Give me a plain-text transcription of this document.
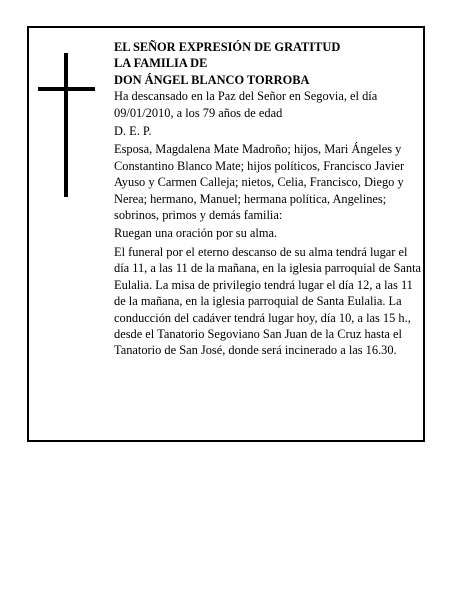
EL SEÑOR EXPRESIÓN DE GRATITUD
LA FAMILIA DE
DON ÁNGEL BLANCO TORROBA

Ha descansado en la Paz del Señor en Segovia, el día 09/01/2010, a los 79 años de edad

D. E. P.

Esposa, Magdalena Mate Madroño; hijos, Mari Ángeles y Constantino Blanco Mate; hijos políticos, Francisco Javier Ayuso y Carmen Calleja; nietos, Celia, Francisco, Diego y Nerea; hermano, Manuel; hermana política, Angelines; sobrinos, primos y demás familia:

Ruegan una oración por su alma.

El funeral por el eterno descanso de su alma tendrá lugar el día 11, a las 11 de la mañana, en la iglesia parroquial de Santa Eulalia. La misa de privilegio tendrá lugar el día 12, a las 11 de la mañana, en la iglesia parroquial de Santa Eulalia. La conducción del cadáver tendrá lugar hoy, día 10, a las 15 h., desde el Tanatorio Segoviano San Juan de la Cruz hasta el Tanatorio de San José, donde será incinerado a las 16.30.
